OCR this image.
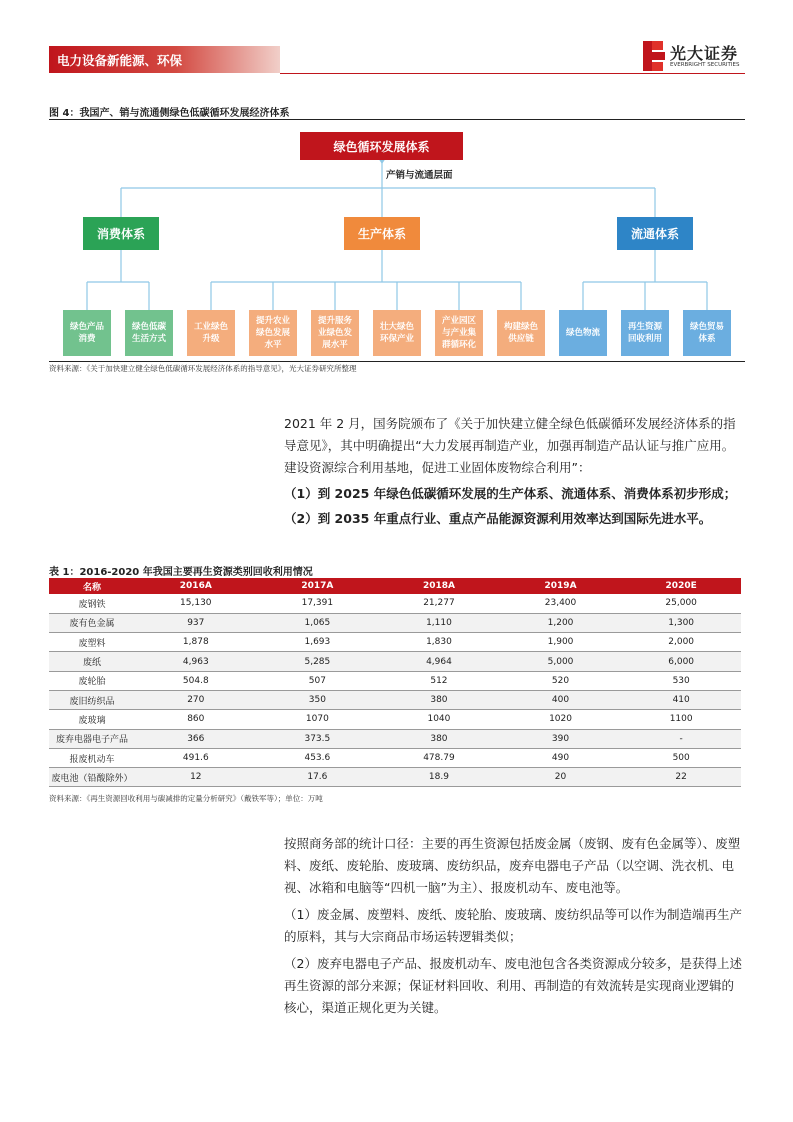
电力设备新能源、环保	光大证券
EVERBRIGHT SECURITIES
图 4：我国产、销与流通侧绿色低碳循环发展经济体系
绿色循环发展体系
产销与流通层面
消费体系	生产体系	流通体系
绿色产品
消费
绿色低碳
生活方式
工业绿色
升级
提升农业
绿色发展
水平
提升服务
业绿色发
展水平
壮大绿色
环保产业
产业园区
与产业集
群循环化
构建绿色
供应链
绿色物流
再生资源
回收利用
绿色贸易
体系
资料来源：《关于加快建立健全绿色低碳循环发展经济体系的指导意见》，光大证券研究所整理
2021 年 2 月，国务院颁布了《关于加快建立健全绿色低碳循环发展经济体系的指导意见》，其中明确提出“大力发展再制造产业，加强再制造产品认证与推广应用。建设资源综合利用基地，促进工业固体废物综合利用”：
（1）到 2025 年绿色低碳循环发展的生产体系、流通体系、消费体系初步形成；
（2）到 2035 年重点行业、重点产品能源资源利用效率达到国际先进水平。
表 1：2016-2020 年我国主要再生资源类别回收利用情况
名称	2016A	2017A	2018A	2019A	2020E
废钢铁	15,130	17,391	21,277	23,400	25,000
废有色金属	937	1,065	1,110	1,200	1,300
废塑料	1,878	1,693	1,830	1,900	2,000
废纸	4,963	5,285	4,964	5,000	6,000
废轮胎	504.8	507	512	520	530
废旧纺织品	270	350	380	400	410
废玻璃	860	1070	1040	1020	1100
废弃电器电子产品	366	373.5	380	390	-
报废机动车	491.6	453.6	478.79	490	500
废电池（铅酸除外）	12	17.6	18.9	20	22
资料来源：《再生资源回收利用与碳减排的定量分析研究》（戴铁军等）；单位：万吨
按照商务部的统计口径：主要的再生资源包括废金属（废钢、废有色金属等）、废塑料、废纸、废轮胎、废玻璃、废纺织品，废弃电器电子产品（以空调、洗衣机、电视、冰箱和电脑等“四机一脑”为主）、报废机动车、废电池等。
（1）废金属、废塑料、废纸、废轮胎、废玻璃、废纺织品等可以作为制造端再生产的原料，其与大宗商品市场运转逻辑类似；
（2）废弃电器电子产品、报废机动车、废电池包含各类资源成分较多，是获得上述再生资源的部分来源；保证材料回收、利用、再制造的有效流转是实现商业逻辑的核心，渠道正规化更为关键。
